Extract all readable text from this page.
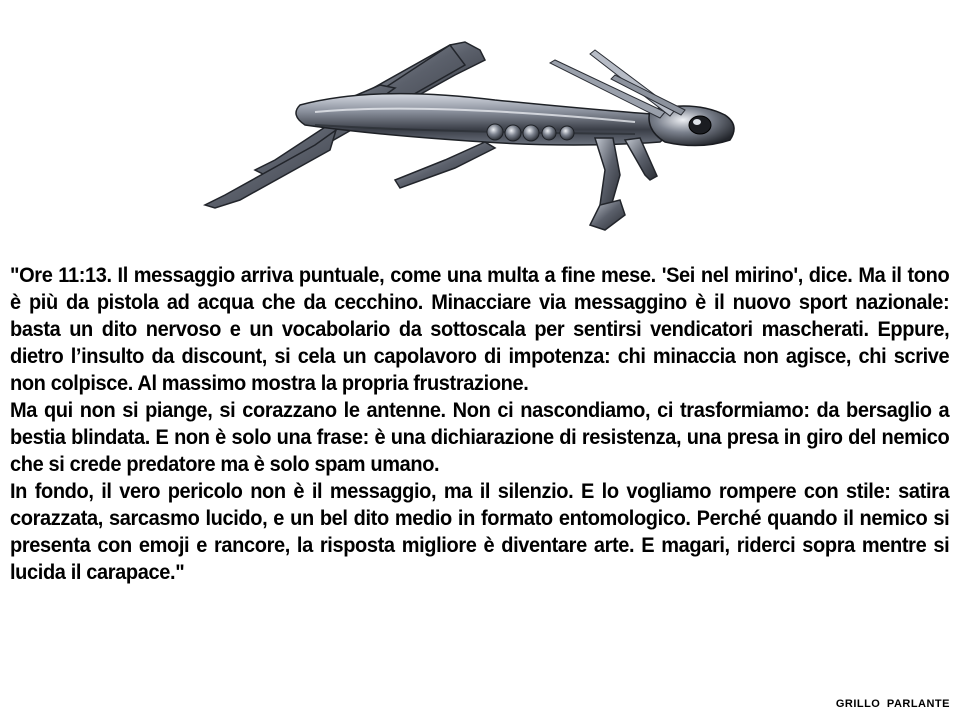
"Ore 11:13. Il messaggio arriva puntuale, come una multa a fine mese. 'Sei nel mirino', dice. Ma il tono è più da pistola ad acqua che da cecchino. Minacciare via messaggino è il nuovo sport nazionale: basta un dito nervoso e un vocabolario da sottoscala per sentirsi vendicatori mascherati. Eppure, dietro l’insulto da discount, si cela un capolavoro di impotenza: chi minaccia non agisce, chi scrive non colpisce. Al massimo mostra la propria frustrazione.

Ma qui non si piange, si corazzano le antenne. Non ci nascondiamo, ci trasformiamo: da bersaglio a bestia blindata. E non è solo una frase: è una dichiarazione di resistenza, una presa in giro del nemico che si crede predatore ma è solo spam umano.

In fondo, il vero pericolo non è il messaggio, ma il silenzio. E lo vogliamo rompere con stile: satira corazzata, sarcasmo lucido, e un bel dito medio in formato entomologico. Perché quando il nemico si presenta con emoji e rancore, la risposta migliore è diventare arte. E magari, riderci sopra mentre si lucida il carapace."

GRILLO PARLANTE
